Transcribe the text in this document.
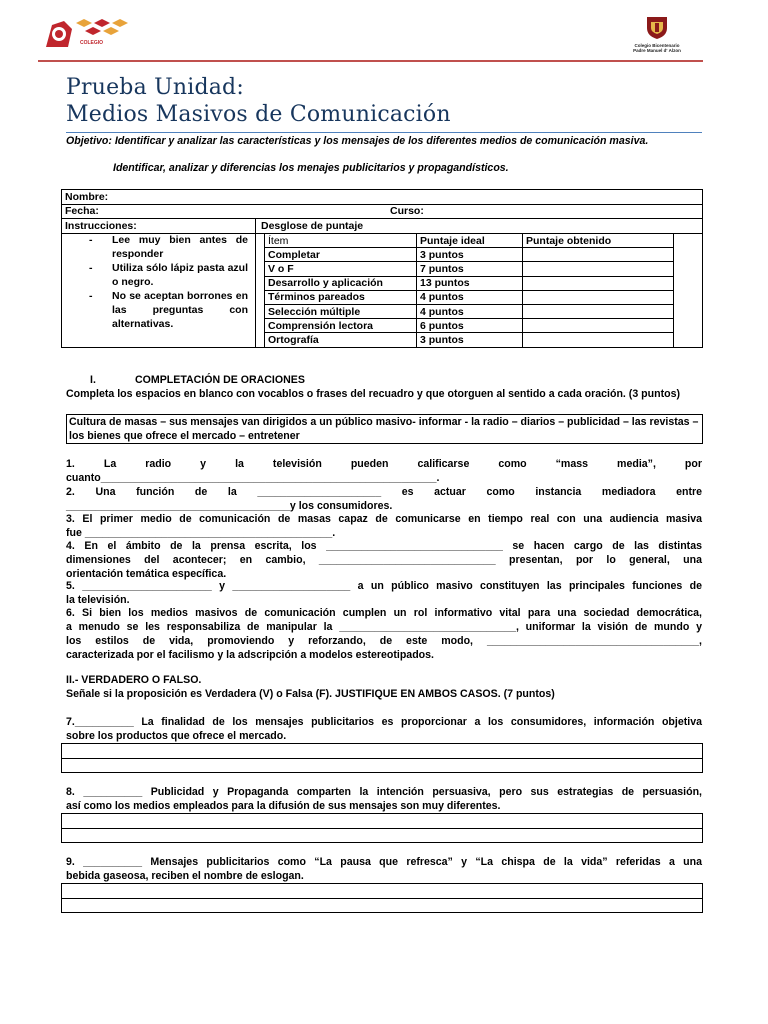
COLEGIO	Colegio Bicentenario
Padre Manuel d' Alzon
Prueba Unidad:
Medios Masivos de Comunicación
Objetivo: Identificar y analizar las características y los mensajes de los diferentes medios de comunicación masiva.
Identificar, analizar y diferencias los menajes publicitarios y propagandísticos.
Nombre:
Fecha:	Curso:
Instrucciones:	Desglose de puntaje
- Lee muy bien antes de responder
- Utiliza sólo lápiz pasta azul o negro.
- No se aceptan borrones en las preguntas con alternativas.
Ítem	Puntaje ideal	Puntaje obtenido
Completar	3 puntos	
V o F	7 puntos	
Desarrollo y aplicación	13 puntos	
Términos pareados	4 puntos	
Selección múltiple	4 puntos	
Comprensión lectora	6 puntos	
Ortografía	3 puntos	
I.	COMPLETACIÓN DE ORACIONES
Completa los espacios en blanco con vocablos o frases del recuadro y que otorguen al sentido a cada oración. (3 puntos)
Cultura de masas – sus mensajes van dirigidos a un público masivo- informar - la radio – diarios – publicidad – las revistas – los bienes que ofrece el mercado – entretener
1. La radio y la televisión pueden calificarse como “mass media”, por
cuanto_________________________________________________________.
2. Una función de la _____________________ es actuar como instancia mediadora entre
______________________________________y los consumidores.
3. El primer medio de comunicación de masas capaz de comunicarse en tiempo real con una audiencia masiva
fue __________________________________________.
4. En el ámbito de la prensa escrita, los ______________________________ se hacen cargo de las distintas
dimensiones del acontecer; en cambio, ______________________________ presentan, por lo general, una
orientación temática específica.
5. ______________________ y ____________________ a un público masivo constituyen las principales funciones de
la televisión.
6. Si bien los medios masivos de comunicación cumplen un rol informativo vital para una sociedad democrática,
a menudo se les responsabiliza de manipular la ______________________________, uniformar la visión de mundo y
los estilos de vida, promoviendo y reforzando, de este modo, ____________________________________,
caracterizada por el facilismo y la adscripción a modelos estereotipados.
II.- VERDADERO O FALSO.
Señale si la proposición es Verdadera (V) o Falsa (F). JUSTIFIQUE EN AMBOS CASOS. (7 puntos)
7.__________ La finalidad de los mensajes publicitarios es proporcionar a los consumidores, información objetiva
sobre los productos que ofrece el mercado.
8. __________ Publicidad y Propaganda comparten la intención persuasiva, pero sus estrategias de persuasión,
así como los medios empleados para la difusión de sus mensajes son muy diferentes.
9. __________ Mensajes publicitarios como “La pausa que refresca” y “La chispa de la vida” referidas a una
bebida gaseosa, reciben el nombre de eslogan.
